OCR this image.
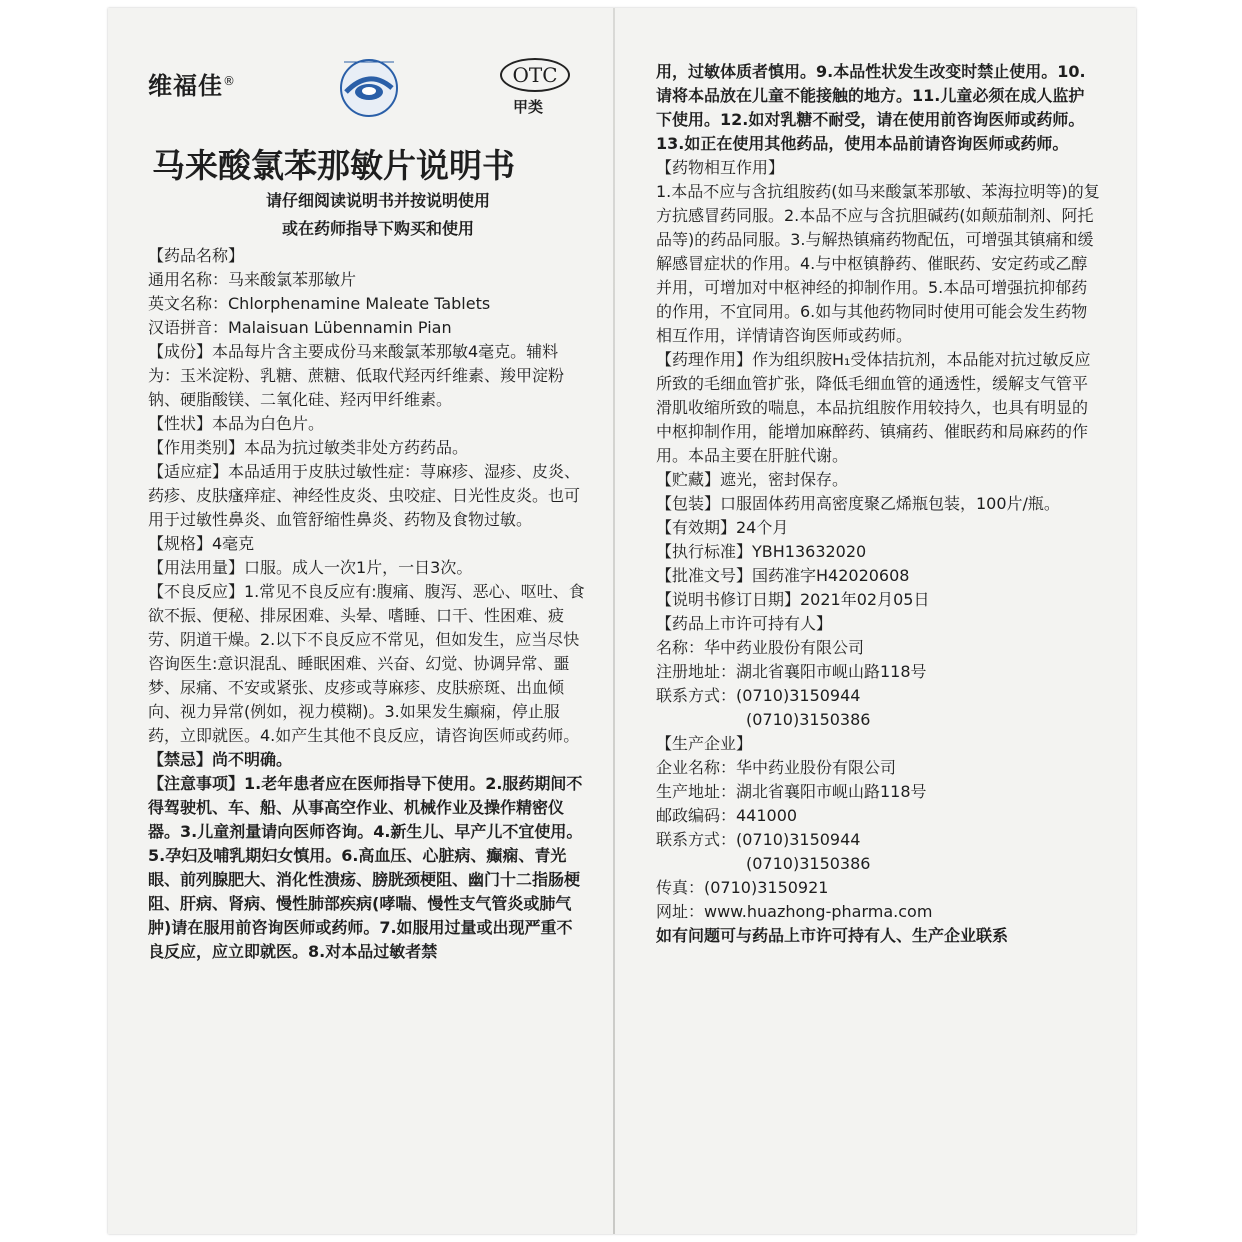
维福佳®	OTC
甲类
马来酸氯苯那敏片说明书
请仔细阅读说明书并按说明使用
或在药师指导下购买和使用

【药品名称】

通用名称：马来酸氯苯那敏片

英文名称：Chlorphenamine Maleate Tablets

汉语拼音：Malaisuan Lübennamin Pian

【成份】本品每片含主要成份马来酸氯苯那敏4毫克。辅料为：玉米淀粉、乳糖、蔗糖、低取代羟丙纤维素、羧甲淀粉钠、硬脂酸镁、二氧化硅、羟丙甲纤维素。

【性状】本品为白色片。

【作用类别】本品为抗过敏类非处方药药品。

【适应症】本品适用于皮肤过敏性症：荨麻疹、湿疹、皮炎、药疹、皮肤瘙痒症、神经性皮炎、虫咬症、日光性皮炎。也可用于过敏性鼻炎、血管舒缩性鼻炎、药物及食物过敏。

【规格】4毫克

【用法用量】口服。成人一次1片，一日3次。

【不良反应】1.常见不良反应有:腹痛、腹泻、恶心、呕吐、食欲不振、便秘、排尿困难、头晕、嗜睡、口干、性困难、疲劳、阴道干燥。2.以下不良反应不常见，但如发生，应当尽快咨询医生:意识混乱、睡眠困难、兴奋、幻觉、协调异常、噩梦、尿痛、不安或紧张、皮疹或荨麻疹、皮肤瘀斑、出血倾向、视力异常(例如，视力模糊)。3.如果发生癫痫，停止服药，立即就医。4.如产生其他不良反应，请咨询医师或药师。

【禁忌】尚不明确。

【注意事项】1.老年患者应在医师指导下使用。2.服药期间不得驾驶机、车、船、从事高空作业、机械作业及操作精密仪器。3.儿童剂量请向医师咨询。4.新生儿、早产儿不宜使用。5.孕妇及哺乳期妇女慎用。6.高血压、心脏病、癫痫、青光眼、前列腺肥大、消化性溃疡、膀胱颈梗阻、幽门十二指肠梗阻、肝病、肾病、慢性肺部疾病(哮喘、慢性支气管炎或肺气肿)请在服用前咨询医师或药师。7.如服用过量或出现严重不良反应，应立即就医。8.对本品过敏者禁

用，过敏体质者慎用。9.本品性状发生改变时禁止使用。10.请将本品放在儿童不能接触的地方。11.儿童必须在成人监护下使用。12.如对乳糖不耐受，请在使用前咨询医师或药师。13.如正在使用其他药品，使用本品前请咨询医师或药师。

【药物相互作用】

1.本品不应与含抗组胺药(如马来酸氯苯那敏、苯海拉明等)的复方抗感冒药同服。2.本品不应与含抗胆碱药(如颠茄制剂、阿托品等)的药品同服。3.与解热镇痛药物配伍，可增强其镇痛和缓解感冒症状的作用。4.与中枢镇静药、催眠药、安定药或乙醇并用，可增加对中枢神经的抑制作用。5.本品可增强抗抑郁药的作用，不宜同用。6.如与其他药物同时使用可能会发生药物相互作用，详情请咨询医师或药师。

【药理作用】作为组织胺H₁受体拮抗剂，本品能对抗过敏反应所致的毛细血管扩张，降低毛细血管的通透性，缓解支气管平滑肌收缩所致的喘息，本品抗组胺作用较持久，也具有明显的中枢抑制作用，能增加麻醉药、镇痛药、催眠药和局麻药的作用。本品主要在肝脏代谢。

【贮藏】遮光，密封保存。

【包装】口服固体药用高密度聚乙烯瓶包装，100片/瓶。

【有效期】24个月

【执行标准】YBH13632020

【批准文号】国药准字H42020608

【说明书修订日期】2021年02月05日

【药品上市许可持有人】

名称：华中药业股份有限公司

注册地址：湖北省襄阳市岘山路118号

联系方式：(0710)3150944

(0710)3150386

【生产企业】

企业名称：华中药业股份有限公司

生产地址：湖北省襄阳市岘山路118号

邮政编码：441000

联系方式：(0710)3150944

(0710)3150386

传真：(0710)3150921

网址：www.huazhong-pharma.com

如有问题可与药品上市许可持有人、生产企业联系
